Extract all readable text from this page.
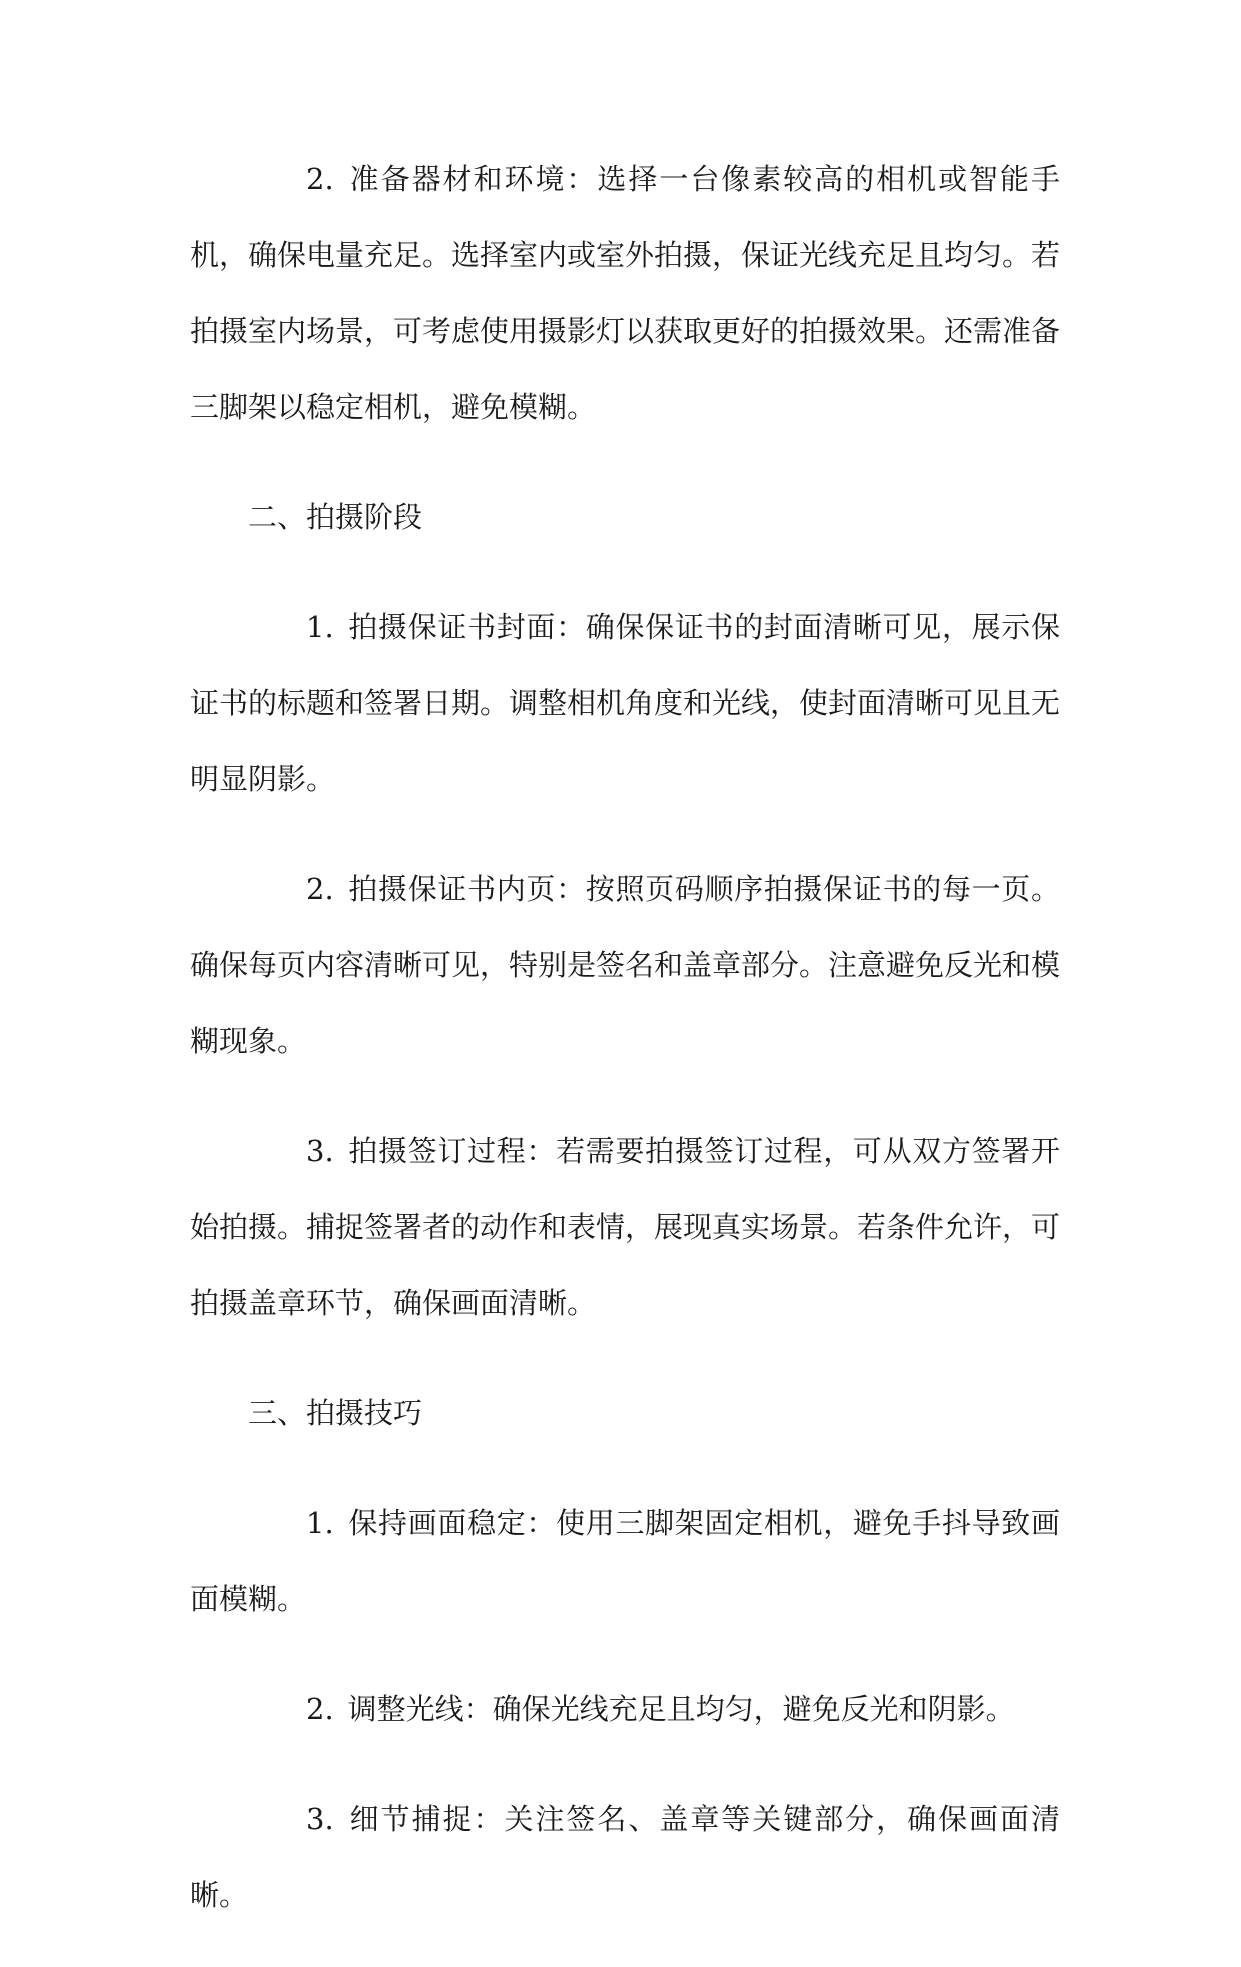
2. 准备器材和环境：选择一台像素较高的相机或智能手机，确保电量充足。选择室内或室外拍摄，保证光线充足且均匀。若拍摄室内场景，可考虑使用摄影灯以获取更好的拍摄效果。还需准备三脚架以稳定相机，避免模糊。

二、拍摄阶段

1. 拍摄保证书封面：确保保证书的封面清晰可见，展示保证书的标题和签署日期。调整相机角度和光线，使封面清晰可见且无明显阴影。

2. 拍摄保证书内页：按照页码顺序拍摄保证书的每一页。确保每页内容清晰可见，特别是签名和盖章部分。注意避免反光和模糊现象。

3. 拍摄签订过程：若需要拍摄签订过程，可从双方签署开始拍摄。捕捉签署者的动作和表情，展现真实场景。若条件允许，可拍摄盖章环节，确保画面清晰。

三、拍摄技巧

1. 保持画面稳定：使用三脚架固定相机，避免手抖导致画面模糊。

2. 调整光线：确保光线充足且均匀，避免反光和阴影。

3. 细节捕捉：关注签名、盖章等关键部分，确保画面清晰。
